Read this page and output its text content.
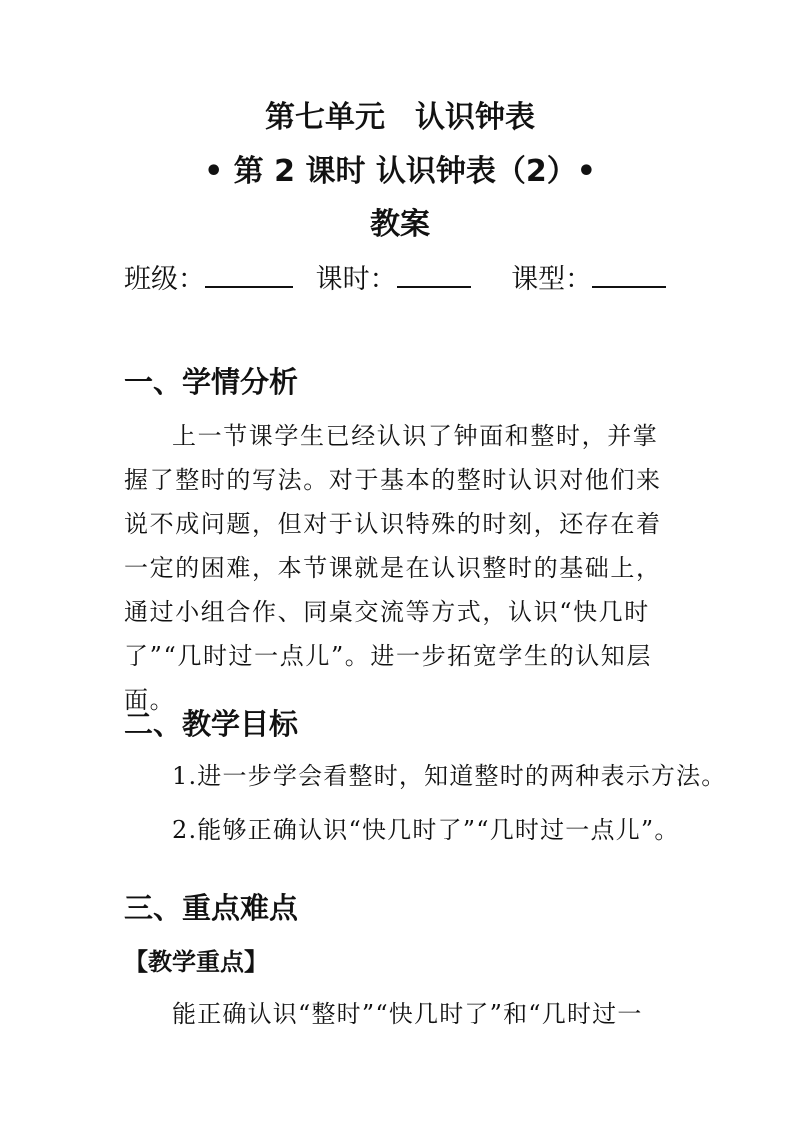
第七单元　认识钟表
• 第 2 课时 认识钟表（2）•
教案
班级：	课时：	课型：
一、学情分析
上一节课学生已经认识了钟面和整时，并掌握了整时的写法。对于基本的整时认识对他们来说不成问题，但对于认识特殊的时刻，还存在着一定的困难，本节课就是在认识整时的基础上，通过小组合作、同桌交流等方式，认识“快几时了”“几时过一点儿”。进一步拓宽学生的认知层面。
二、教学目标
1.进一步学会看整时，知道整时的两种表示方法。
2.能够正确认识“快几时了”“几时过一点儿”。
三、重点难点
【教学重点】
能正确认识“整时”“快几时了”和“几时过一
